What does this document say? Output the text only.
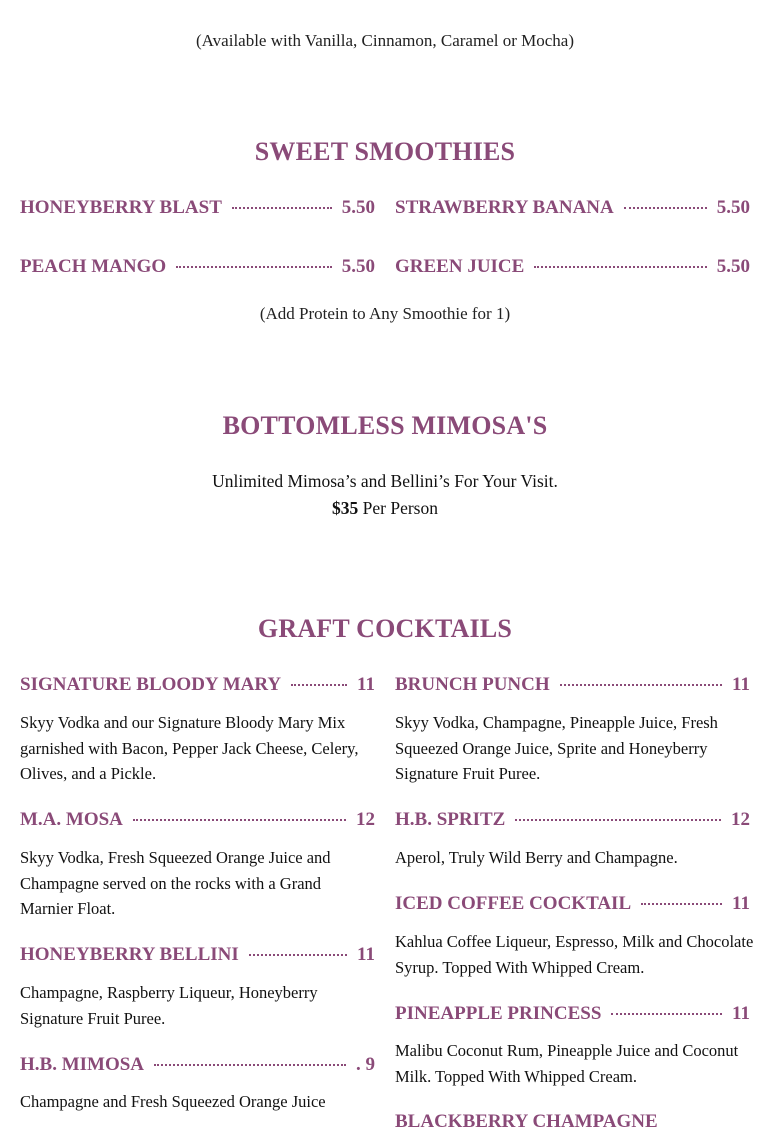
(Available with Vanilla, Cinnamon, Caramel or Mocha)
SWEET SMOOTHIES
HONEYBERRY BLAST	5.50 STRAWBERRY BANANA	5.50
PEACH MANGO	5.50 GREEN JUICE	5.50
(Add Protein to Any Smoothie for 1)
BOTTOMLESS MIMOSA'S
Unlimited Mimosa’s and Bellini’s For Your Visit.
$35 Per Person
GRAFT COCKTAILS
SIGNATURE BLOODY MARY	11
Skyy Vodka and our Signature Bloody Mary Mix garnished with Bacon, Pepper Jack Cheese, Celery, Olives, and a Pickle.
M.A. MOSA	12
Skyy Vodka, Fresh Squeezed Orange Juice and Champagne served on the rocks with a Grand Marnier Float.
HONEYBERRY BELLINI	11
Champagne, Raspberry Liqueur, Honeyberry Signature Fruit Puree.
H.B. MIMOSA	. 9
Champagne and Fresh Squeezed Orange Juice
BRUNCH PUNCH	11
Skyy Vodka, Champagne, Pineapple Juice, Fresh Squeezed Orange Juice, Sprite and Honeyberry Signature Fruit Puree.
H.B. SPRITZ	12
Aperol, Truly Wild Berry and Champagne.
ICED COFFEE COCKTAIL	11
Kahlua Coffee Liqueur, Espresso, Milk and Chocolate Syrup. Topped With Whipped Cream.
PINEAPPLE PRINCESS	11
Malibu Coconut Rum, Pineapple Juice and Coconut Milk. Topped With Whipped Cream.
BLACKBERRY CHAMPAGNE
